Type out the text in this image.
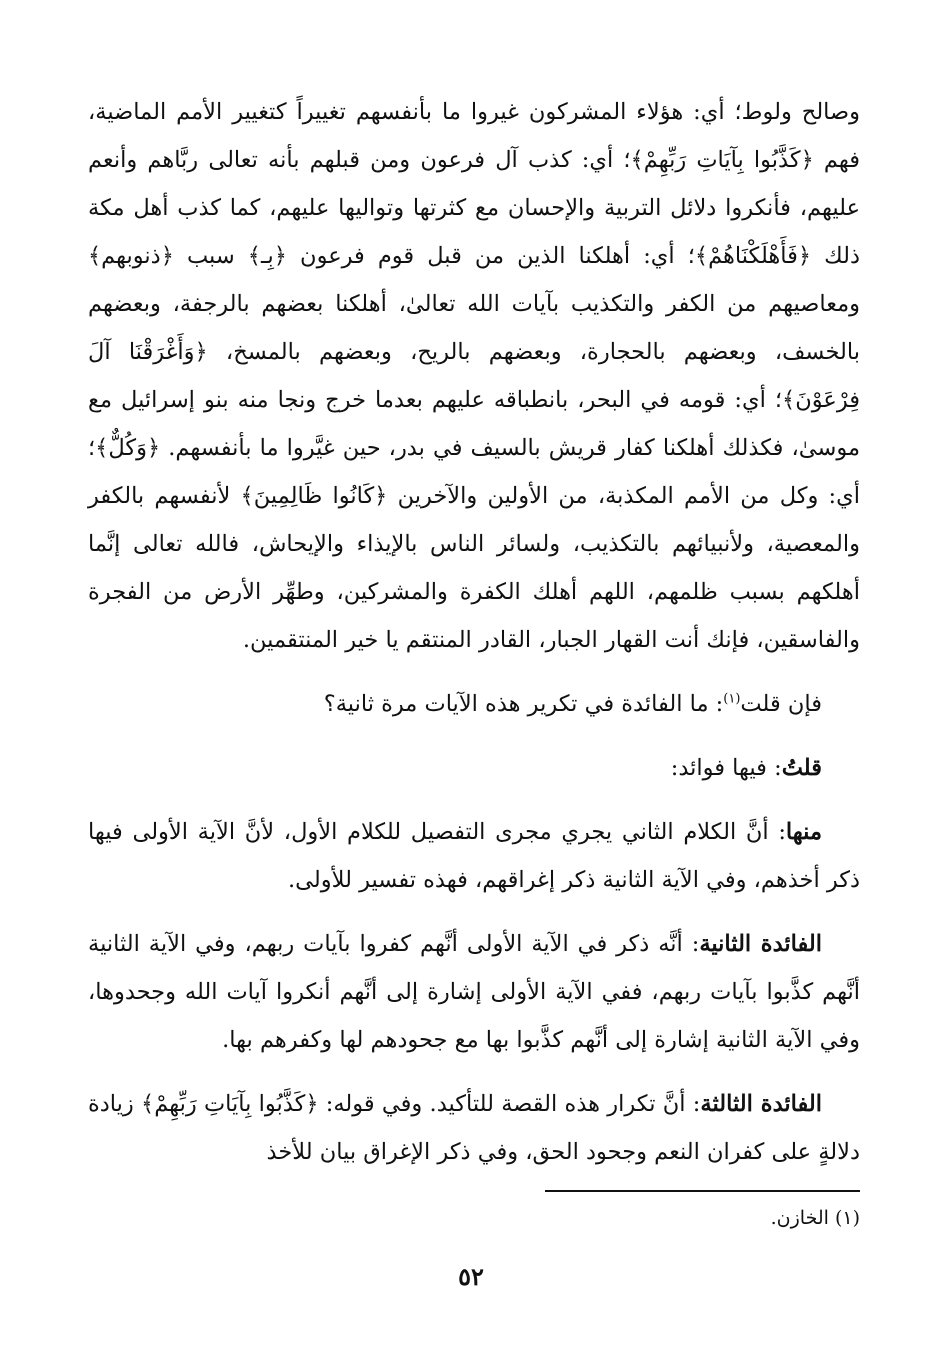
وصالح ولوط؛ أي: هؤلاء المشركون غيروا ما بأنفسهم تغييراً كتغيير الأمم الماضية، فهم ﴿كَذَّبُوا بِآيَاتِ رَبِّهِمْ﴾؛ أي: كذب آل فرعون ومن قبلهم بأنه تعالى ربَّاهم وأنعم عليهم، فأنكروا دلائل التربية والإحسان مع كثرتها وتواليها عليهم، كما كذب أهل مكة ذلك ﴿فَأَهْلَكْنَاهُمْ﴾؛ أي: أهلكنا الذين من قبل قوم فرعون ﴿بِـ﴾ سبب ﴿ذنوبهم﴾ ومعاصيهم من الكفر والتكذيب بآيات الله تعالىٰ، أهلكنا بعضهم بالرجفة، وبعضهم بالخسف، وبعضهم بالحجارة، وبعضهم بالريح، وبعضهم بالمسخ، ﴿وَأَغْرَقْنَا آلَ فِرْعَوْنَ﴾؛ أي: قومه في البحر، بانطباقه عليهم بعدما خرج ونجا منه بنو إسرائيل مع موسىٰ، فكذلك أهلكنا كفار قريش بالسيف في بدر، حين غيَّروا ما بأنفسهم. ﴿وَكُلٌّ﴾؛ أي: وكل من الأمم المكذبة، من الأولين والآخرين ﴿كَانُوا ظَالِمِينَ﴾ لأنفسهم بالكفر والمعصية، ولأنبيائهم بالتكذيب، ولسائر الناس بالإيذاء والإيحاش، فالله تعالى إنَّما أهلكهم بسبب ظلمهم، اللهم أهلك الكفرة والمشركين، وطهِّر الأرض من الفجرة والفاسقين، فإنك أنت القهار الجبار، القادر المنتقم يا خير المنتقمين.

فإن قلت$^{(١)}$: ما الفائدة في تكرير هذه الآيات مرة ثانية؟

قلتُ: فيها فوائد:

منها: أنَّ الكلام الثاني يجري مجرى التفصيل للكلام الأول، لأنَّ الآية الأولى فيها ذكر أخذهم، وفي الآية الثانية ذكر إغراقهم، فهذه تفسير للأولى.

الفائدة الثانية: أنَّه ذكر في الآية الأولى أنَّهم كفروا بآيات ربهم، وفي الآية الثانية أنَّهم كذَّبوا بآيات ربهم، ففي الآية الأولى إشارة إلى أنَّهم أنكروا آيات الله وجحدوها، وفي الآية الثانية إشارة إلى أنَّهم كذَّبوا بها مع جحودهم لها وكفرهم بها.

الفائدة الثالثة: أنَّ تكرار هذه القصة للتأكيد. وفي قوله: ﴿كَذَّبُوا بِآيَاتِ رَبِّهِمْ﴾ زيادة دلالةٍ على كفران النعم وجحود الحق، وفي ذكر الإغراق بيان للأخذ

(١) الخازن.

٥٢
